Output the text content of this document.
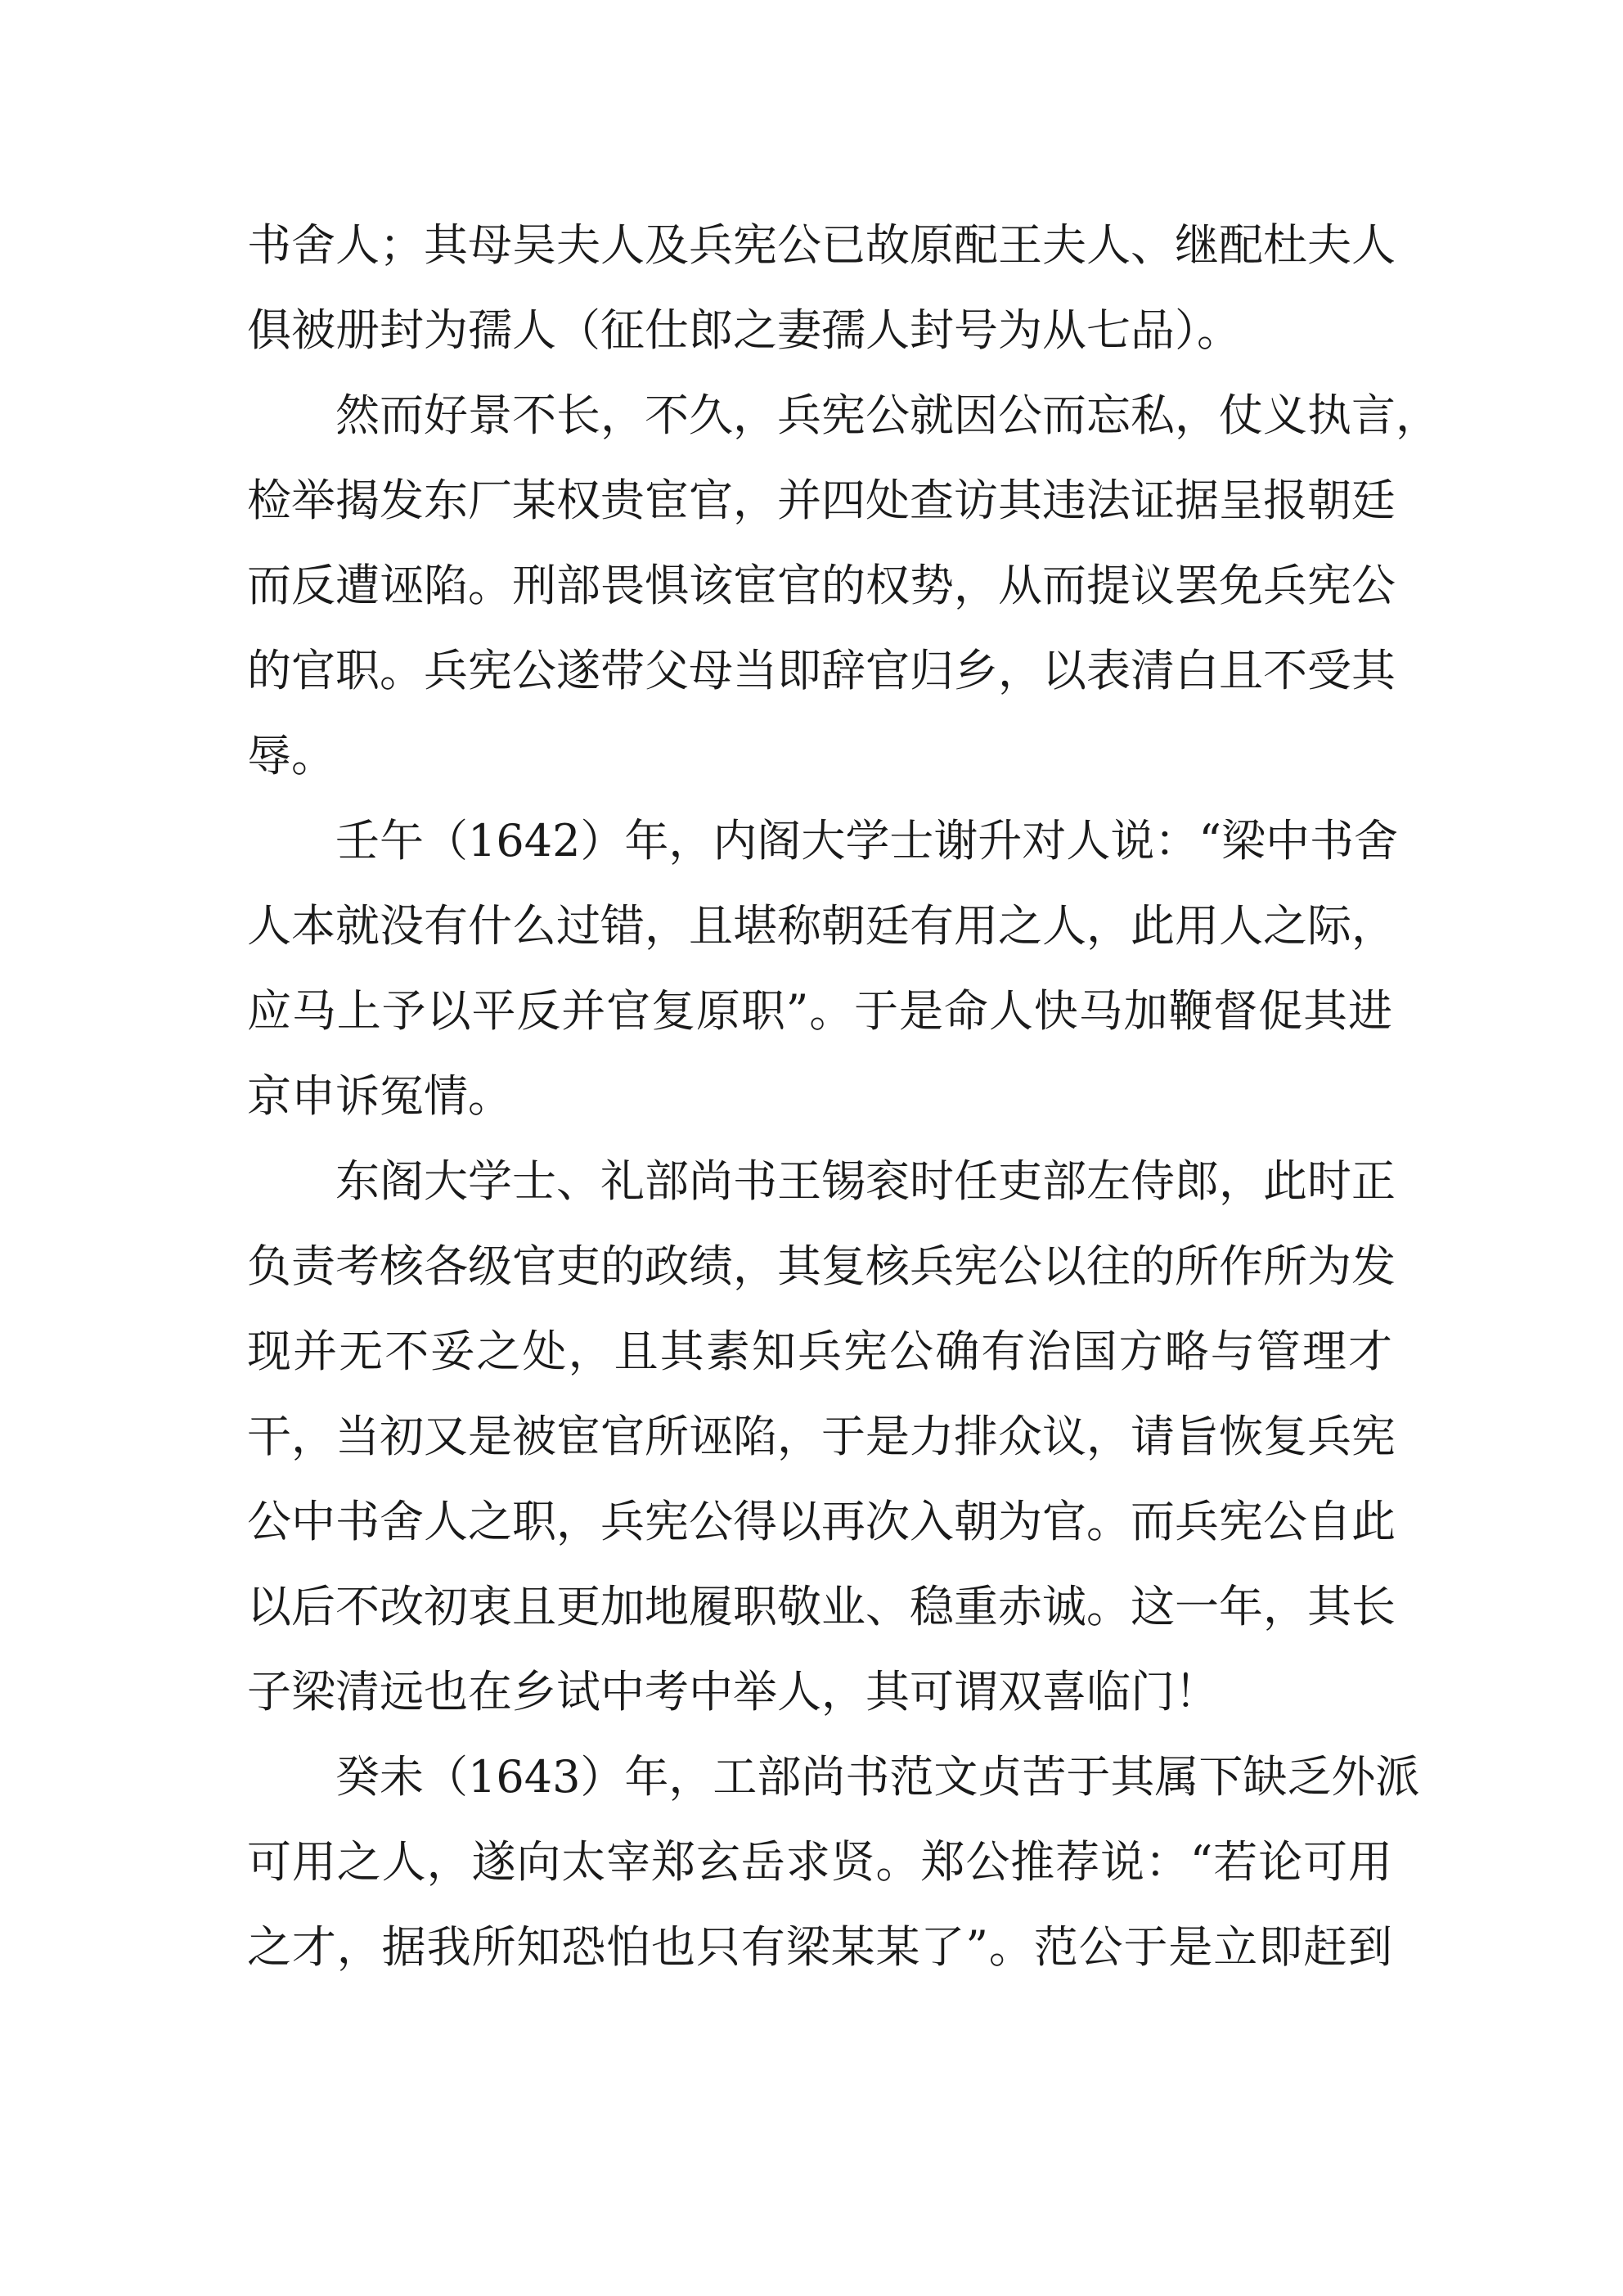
书舍人；其母吴夫人及兵宪公已故原配王夫人、继配杜夫人
俱被册封为孺人（征仕郎之妻孺人封号为从七品）。
然而好景不长，不久，兵宪公就因公而忘私，仗义执言，
检举揭发东厂某权贵宦官，并四处查访其违法证据呈报朝廷
而反遭诬陷。刑部畏惧该宦官的权势，从而提议罢免兵宪公
的官职。兵宪公遂带父母当即辞官归乡，以表清白且不受其
辱。
壬午（1642）年，内阁大学士谢升对人说：“梁中书舍
人本就没有什么过错，且堪称朝廷有用之人，此用人之际，
应马上予以平反并官复原职”。于是命人快马加鞭督促其进
京申诉冤情。
东阁大学士、礼部尚书王锡衮时任吏部左侍郎，此时正
负责考核各级官吏的政绩，其复核兵宪公以往的所作所为发
现并无不妥之处，且其素知兵宪公确有治国方略与管理才
干，当初又是被宦官所诬陷，于是力排众议，请旨恢复兵宪
公中书舍人之职，兵宪公得以再次入朝为官。而兵宪公自此
以后不改初衷且更加地履职敬业、稳重赤诚。这一年，其长
子梁清远也在乡试中考中举人，其可谓双喜临门！
癸未（1643）年，工部尚书范文贞苦于其属下缺乏外派
可用之人，遂向太宰郑玄岳求贤。郑公推荐说：“若论可用
之才，据我所知恐怕也只有梁某某了”。范公于是立即赶到
